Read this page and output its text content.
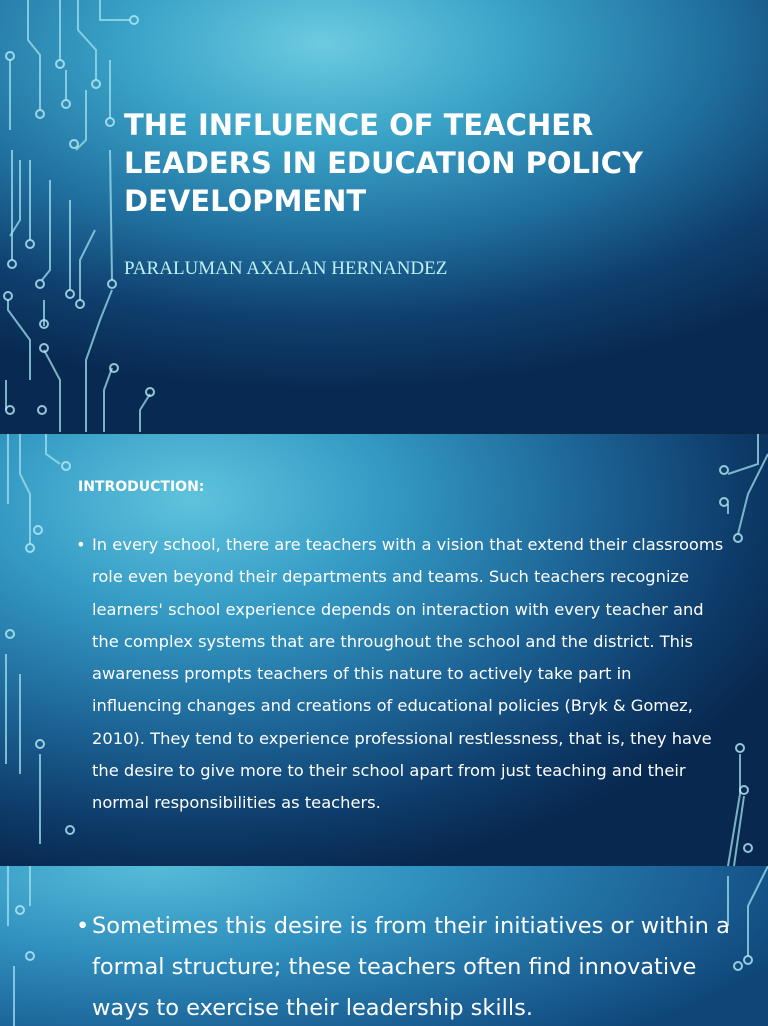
THE INFLUENCE OF TEACHER LEADERS IN EDUCATION POLICY DEVELOPMENT
PARALUMAN AXALAN HERNANDEZ
INTRODUCTION:
• In every school, there are teachers with a vision that extend their classrooms role even beyond their departments and teams. Such teachers recognize learners' school experience depends on interaction with every teacher and the complex systems that are throughout the school and the district. This awareness prompts teachers of this nature to actively take part in influencing changes and creations of educational policies (Bryk & Gomez, 2010). They tend to experience professional restlessness, that is, they have the desire to give more to their school apart from just teaching and their normal responsibilities as teachers.
• Sometimes this desire is from their initiatives or within a formal structure; these teachers often find innovative ways to exercise their leadership skills.
